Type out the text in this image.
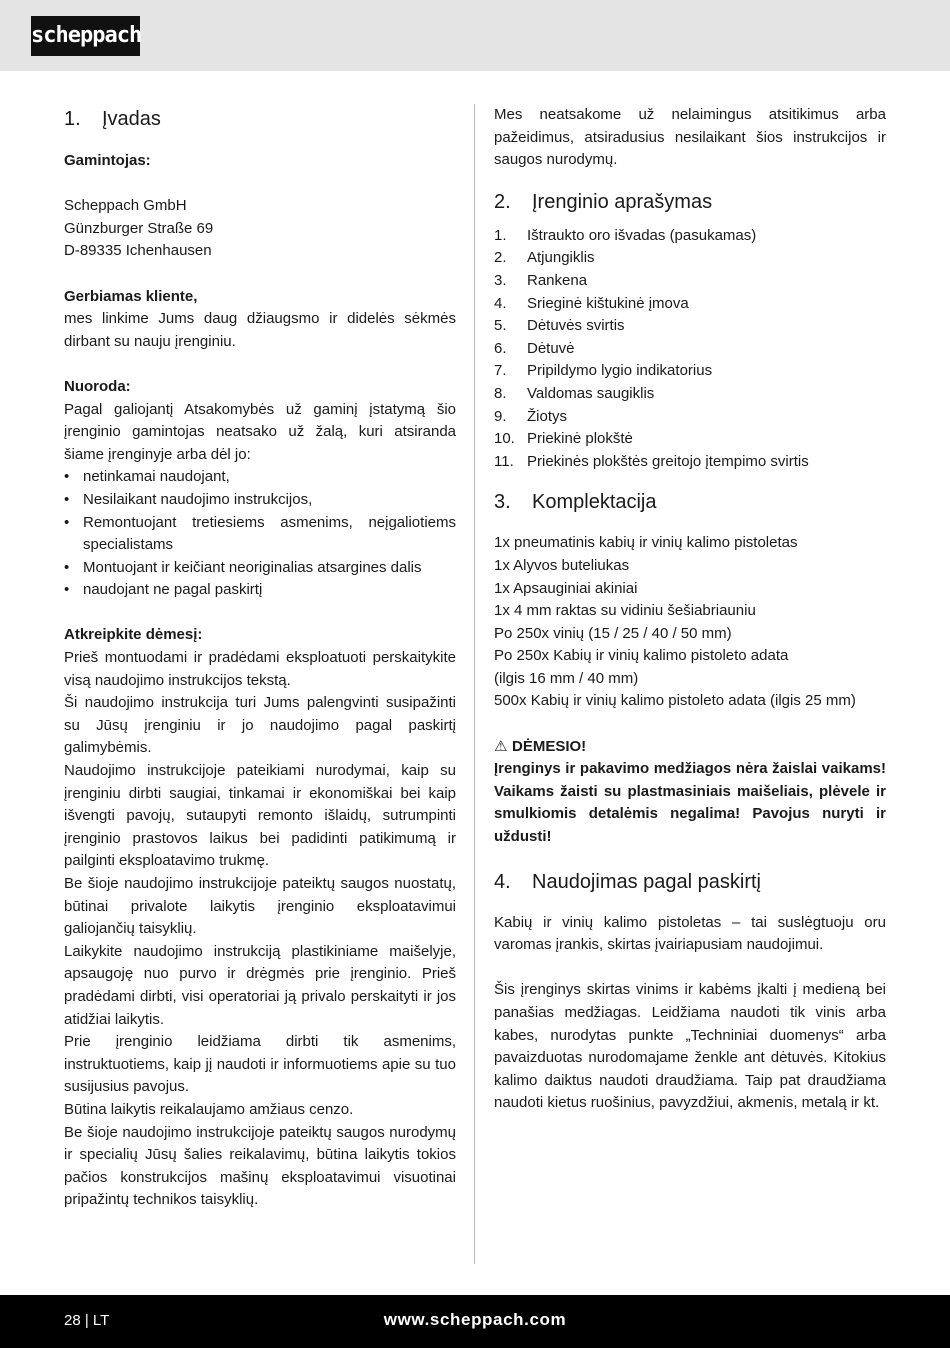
scheppach
1.	Įvadas

Gamintojas:

Scheppach GmbH

Günzburger Straße 69

D-89335 Ichenhausen

Gerbiamas kliente,

mes linkime Jums daug džiaugsmo ir didelės sėkmės dirbant su nauju įrenginiu.

Nuoroda:

Pagal galiojantį Atsakomybės už gaminį įstatymą šio įrenginio gamintojas neatsako už žalą, kuri atsiranda šiame įrenginyje arba dėl jo:

• netinkamai naudojant,
• Nesilaikant naudojimo instrukcijos,
• Remontuojant tretiesiems asmenims, neįgaliotiems specialistams
• Montuojant ir keičiant neoriginalias atsargines dalis
• naudojant ne pagal paskirtį

Atkreipkite dėmesį:

Prieš montuodami ir pradėdami eksploatuoti perskaitykite visą naudojimo instrukcijos tekstą.

Ši naudojimo instrukcija turi Jums palengvinti susipažinti su Jūsų įrenginiu ir jo naudojimo pagal paskirtį galimybėmis.

Naudojimo instrukcijoje pateikiami nurodymai, kaip su įrenginiu dirbti saugiai, tinkamai ir ekonomiškai bei kaip išvengti pavojų, sutaupyti remonto išlaidų, sutrumpinti įrenginio prastovos laikus bei padidinti patikimumą ir pailginti eksploatavimo trukmę.

Be šioje naudojimo instrukcijoje pateiktų saugos nuostatų, būtinai privalote laikytis įrenginio eksploatavimui galiojančių taisyklių.

Laikykite naudojimo instrukciją plastikiniame maišelyje, apsaugoję nuo purvo ir drėgmės prie įrenginio. Prieš pradėdami dirbti, visi operatoriai ją privalo perskaityti ir jos atidžiai laikytis.

Prie įrenginio leidžiama dirbti tik asmenims, instruktuotiems, kaip jį naudoti ir informuotiems apie su tuo susijusius pavojus.

Būtina laikytis reikalaujamo amžiaus cenzo.

Be šioje naudojimo instrukcijoje pateiktų saugos nurodymų ir specialių Jūsų šalies reikalavimų, būtina laikytis tokios pačios konstrukcijos mašinų eksploatavimui visuotinai pripažintų technikos taisyklių.

Mes neatsakome už nelaimingus atsitikimus arba pažeidimus, atsiradusius nesilaikant šios instrukcijos ir saugos nurodymų.

2.	Įrenginio aprašymas
1.	Ištraukto oro išvadas (pasukamas)
2.	Atjungiklis
3.	Rankena
4.	Srieginė kištukinė įmova
5.	Dėtuvės svirtis
6.	Dėtuvė
7.	Pripildymo lygio indikatorius
8.	Valdomas saugiklis
9.	Žiotys
10. Priekinė plokštė
11. Priekinės plokštės greitojo įtempimo svirtis
3.	Komplektacija

1x pneumatinis kabių ir vinių kalimo pistoletas

1x Alyvos buteliukas

1x Apsauginiai akiniai

1x 4 mm raktas su vidiniu šešiabriauniu

Po 250x vinių (15 / 25 / 40 / 50 mm)

Po 250x Kabių ir vinių kalimo pistoleto adata

(ilgis 16 mm / 40 mm)

500x Kabių ir vinių kalimo pistoleto adata (ilgis 25 mm)

⚠ DĖMESIO!

Įrenginys ir pakavimo medžiagos nėra žaislai vaikams! Vaikams žaisti su plastmasiniais maišeliais, plėvele ir smulkiomis detalėmis negalima! Pavojus nuryti ir uždusti!

4.	Naudojimas pagal paskirtį

Kabių ir vinių kalimo pistoletas – tai suslėgtuoju oru varomas įrankis, skirtas įvairiapusiam naudojimui.

Šis įrenginys skirtas vinims ir kabėms įkalti į medieną bei panašias medžiagas. Leidžiama naudoti tik vinis arba kabes, nurodytas punkte „Techniniai duomenys“ arba pavaizduotas nurodomajame ženkle ant dėtuvės. Kitokius kalimo daiktus naudoti draudžiama. Taip pat draudžiama naudoti kietus ruošinius, pavyzdžiui, akmenis, metalą ir kt.

28 | LT	www.scheppach.com
